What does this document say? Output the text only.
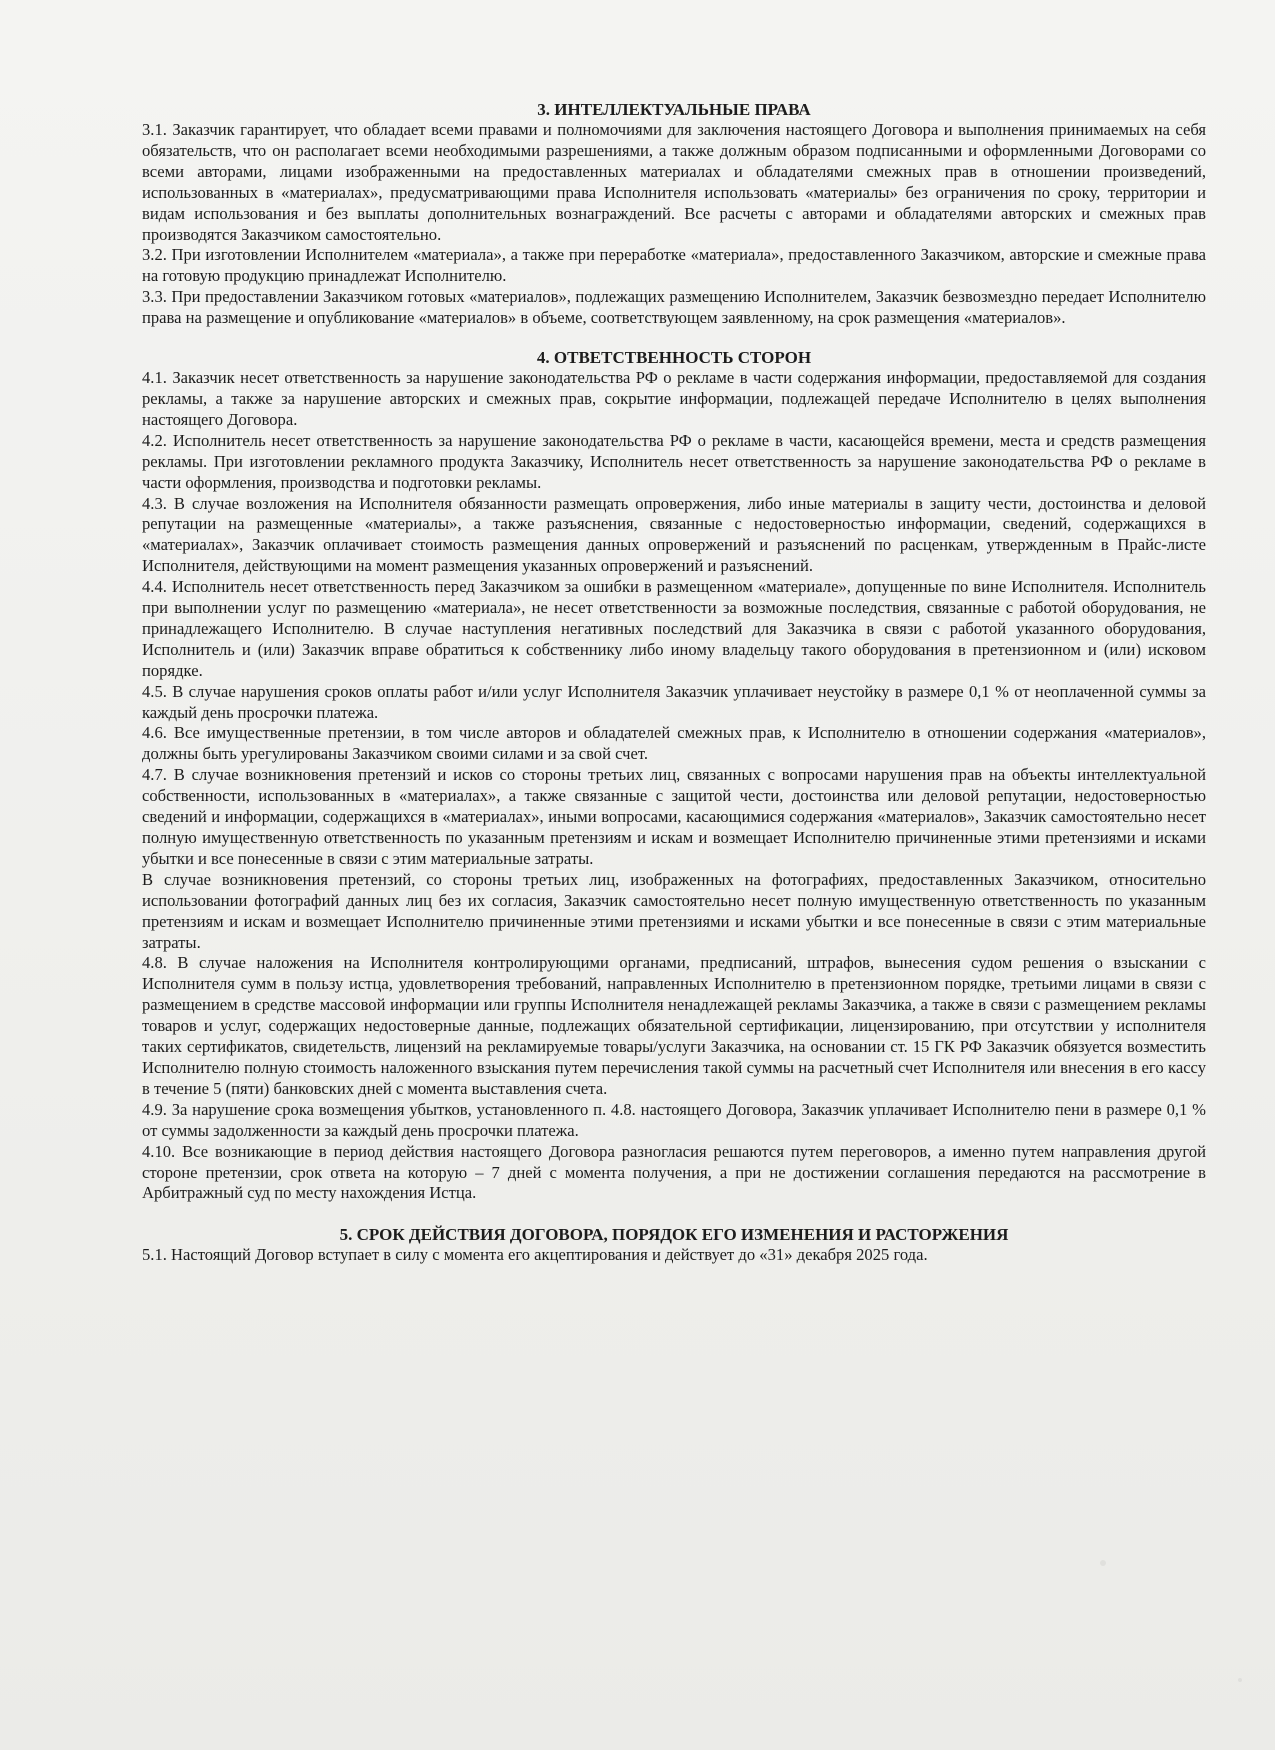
3. ИНТЕЛЛЕКТУАЛЬНЫЕ ПРАВА

3.1. Заказчик гарантирует, что обладает всеми правами и полномочиями для заключения настоящего Договора и выполнения принимаемых на себя обязательств, что он располагает всеми необходимыми разрешениями, а также должным образом подписанными и оформленными Договорами со всеми авторами, лицами изображенными на предоставленных материалах и обладателями смежных прав в отношении произведений, использованных в «материалах», предусматривающими права Исполнителя использовать «материалы» без ограничения по сроку, территории и видам использования и без выплаты дополнительных вознаграждений. Все расчеты с авторами и обладателями авторских и смежных прав производятся Заказчиком самостоятельно.

3.2. При изготовлении Исполнителем «материала», а также при переработке «материала», предоставленного Заказчиком, авторские и смежные права на готовую продукцию принадлежат Исполнителю.

3.3. При предоставлении Заказчиком готовых «материалов», подлежащих размещению Исполнителем, Заказчик безвозмездно передает Исполнителю права на размещение и опубликование «материалов» в объеме, соответствующем заявленному, на срок размещения «материалов».

4. ОТВЕТСТВЕННОСТЬ СТОРОН

4.1. Заказчик несет ответственность за нарушение законодательства РФ о рекламе в части содержания информации, предоставляемой для создания рекламы, а также за нарушение авторских и смежных прав, сокрытие информации, подлежащей передаче Исполнителю в целях выполнения настоящего Договора.

4.2. Исполнитель несет ответственность за нарушение законодательства РФ о рекламе в части, касающейся времени, места и средств размещения рекламы. При изготовлении рекламного продукта Заказчику, Исполнитель несет ответственность за нарушение законодательства РФ о рекламе в части оформления, производства и подготовки рекламы.

4.3. В случае возложения на Исполнителя обязанности размещать опровержения, либо иные материалы в защиту чести, достоинства и деловой репутации на размещенные «материалы», а также разъяснения, связанные с недостоверностью информации, сведений, содержащихся в «материалах», Заказчик оплачивает стоимость размещения данных опровержений и разъяснений по расценкам, утвержденным в Прайс-листе Исполнителя, действующими на момент размещения указанных опровержений и разъяснений.

4.4. Исполнитель несет ответственность перед Заказчиком за ошибки в размещенном «материале», допущенные по вине Исполнителя. Исполнитель при выполнении услуг по размещению «материала», не несет ответственности за возможные последствия, связанные с работой оборудования, не принадлежащего Исполнителю. В случае наступления негативных последствий для Заказчика в связи с работой указанного оборудования, Исполнитель и (или) Заказчик вправе обратиться к собственнику либо иному владельцу такого оборудования в претензионном и (или) исковом порядке.

4.5. В случае нарушения сроков оплаты работ и/или услуг Исполнителя Заказчик уплачивает неустойку в размере 0,1 % от неоплаченной суммы за каждый день просрочки платежа.

4.6. Все имущественные претензии, в том числе авторов и обладателей смежных прав, к Исполнителю в отношении содержания «материалов», должны быть урегулированы Заказчиком своими силами и за свой счет.

4.7. В случае возникновения претензий и исков со стороны третьих лиц, связанных с вопросами нарушения прав на объекты интеллектуальной собственности, использованных в «материалах», а также связанные с защитой чести, достоинства или деловой репутации, недостоверностью сведений и информации, содержащихся в «материалах», иными вопросами, касающимися содержания «материалов», Заказчик самостоятельно несет полную имущественную ответственность по указанным претензиям и искам и возмещает Исполнителю причиненные этими претензиями и исками убытки и все понесенные в связи с этим материальные затраты.

В случае возникновения претензий, со стороны третьих лиц, изображенных на фотографиях, предоставленных Заказчиком, относительно использовании фотографий данных лиц без их согласия, Заказчик самостоятельно несет полную имущественную ответственность по указанным претензиям и искам и возмещает Исполнителю причиненные этими претензиями и исками убытки и все понесенные в связи с этим материальные затраты.

4.8. В случае наложения на Исполнителя контролирующими органами, предписаний, штрафов, вынесения судом решения о взыскании с Исполнителя сумм в пользу истца, удовлетворения требований, направленных Исполнителю в претензионном порядке, третьими лицами в связи с размещением в средстве массовой информации или группы Исполнителя ненадлежащей рекламы Заказчика, а также в связи с размещением рекламы товаров и услуг, содержащих недостоверные данные, подлежащих обязательной сертификации, лицензированию, при отсутствии у исполнителя таких сертификатов, свидетельств, лицензий на рекламируемые товары/услуги Заказчика, на основании ст. 15 ГК РФ Заказчик обязуется возместить Исполнителю полную стоимость наложенного взыскания путем перечисления такой суммы на расчетный счет Исполнителя или внесения в его кассу в течение 5 (пяти) банковских дней с момента выставления счета.

4.9. За нарушение срока возмещения убытков, установленного п. 4.8. настоящего Договора, Заказчик уплачивает Исполнителю пени в размере 0,1 % от суммы задолженности за каждый день просрочки платежа.

4.10. Все возникающие в период действия настоящего Договора разногласия решаются путем переговоров, а именно путем направления другой стороне претензии, срок ответа на которую – 7 дней с момента получения, а при не достижении соглашения передаются на рассмотрение в Арбитражный суд по месту нахождения Истца.

5. СРОК ДЕЙСТВИЯ ДОГОВОРА, ПОРЯДОК ЕГО ИЗМЕНЕНИЯ И РАСТОРЖЕНИЯ

5.1. Настоящий Договор вступает в силу с момента его акцептирования и действует до «31» декабря 2025 года.
